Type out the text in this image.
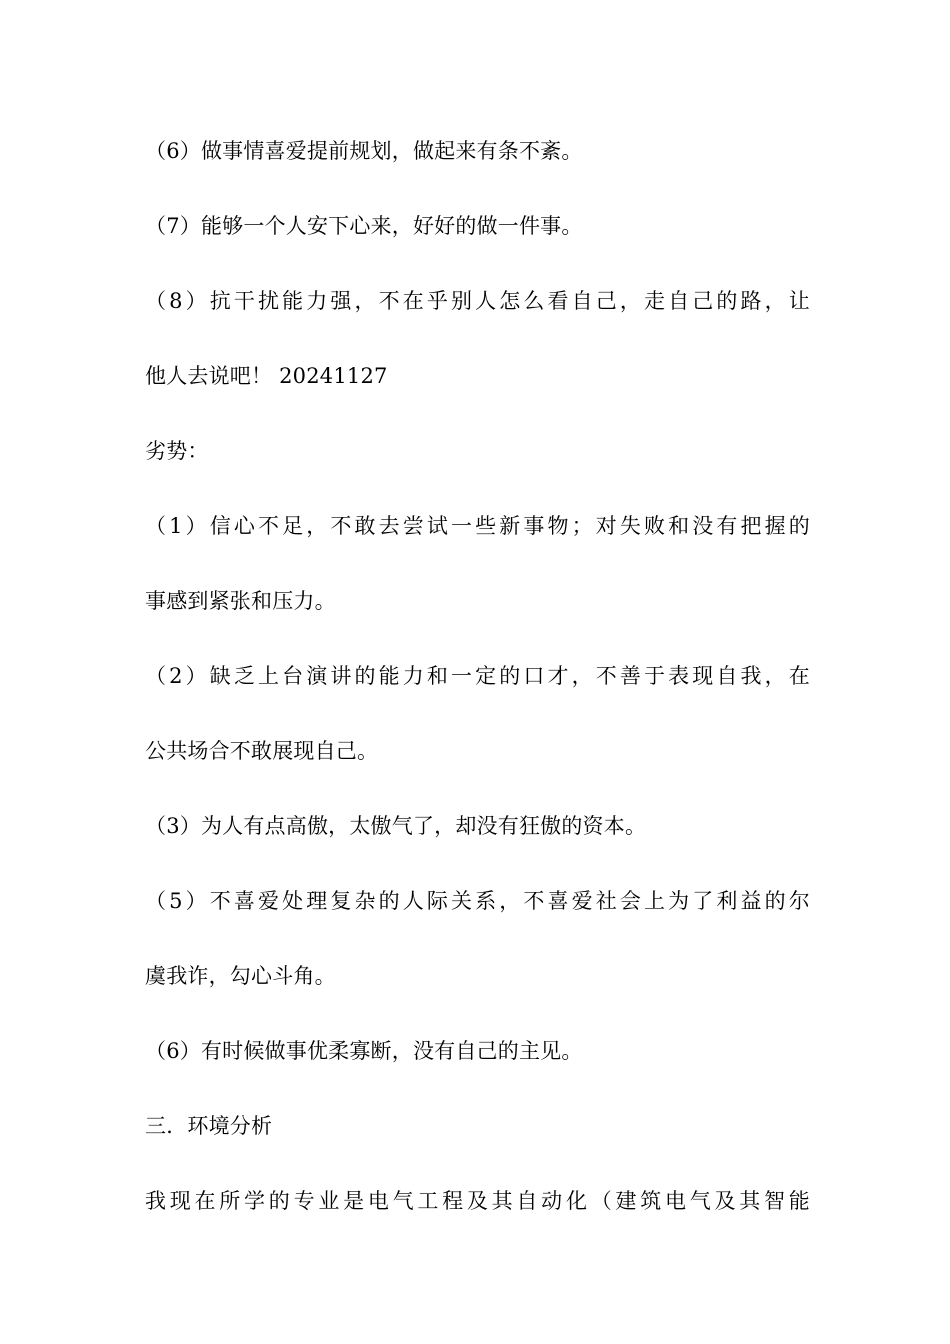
（6）做事情喜爱提前规划，做起来有条不紊。
（7）能够一个人安下心来，好好的做一件事。
（8）抗干扰能力强，不在乎别人怎么看自己，走自己的路，让
他人去说吧！ 20241127
劣势：
（1）信心不足，不敢去尝试一些新事物；对失败和没有把握的
事感到紧张和压力。
（2）缺乏上台演讲的能力和一定的口才，不善于表现自我，在
公共场合不敢展现自己。
（3）为人有点高傲，太傲气了，却没有狂傲的资本。
（5）不喜爱处理复杂的人际关系，不喜爱社会上为了利益的尔
虞我诈，勾心斗角。
（6）有时候做事优柔寡断，没有自己的主见。
三．环境分析
我现在所学的专业是电气工程及其自动化（建筑电气及其智能
